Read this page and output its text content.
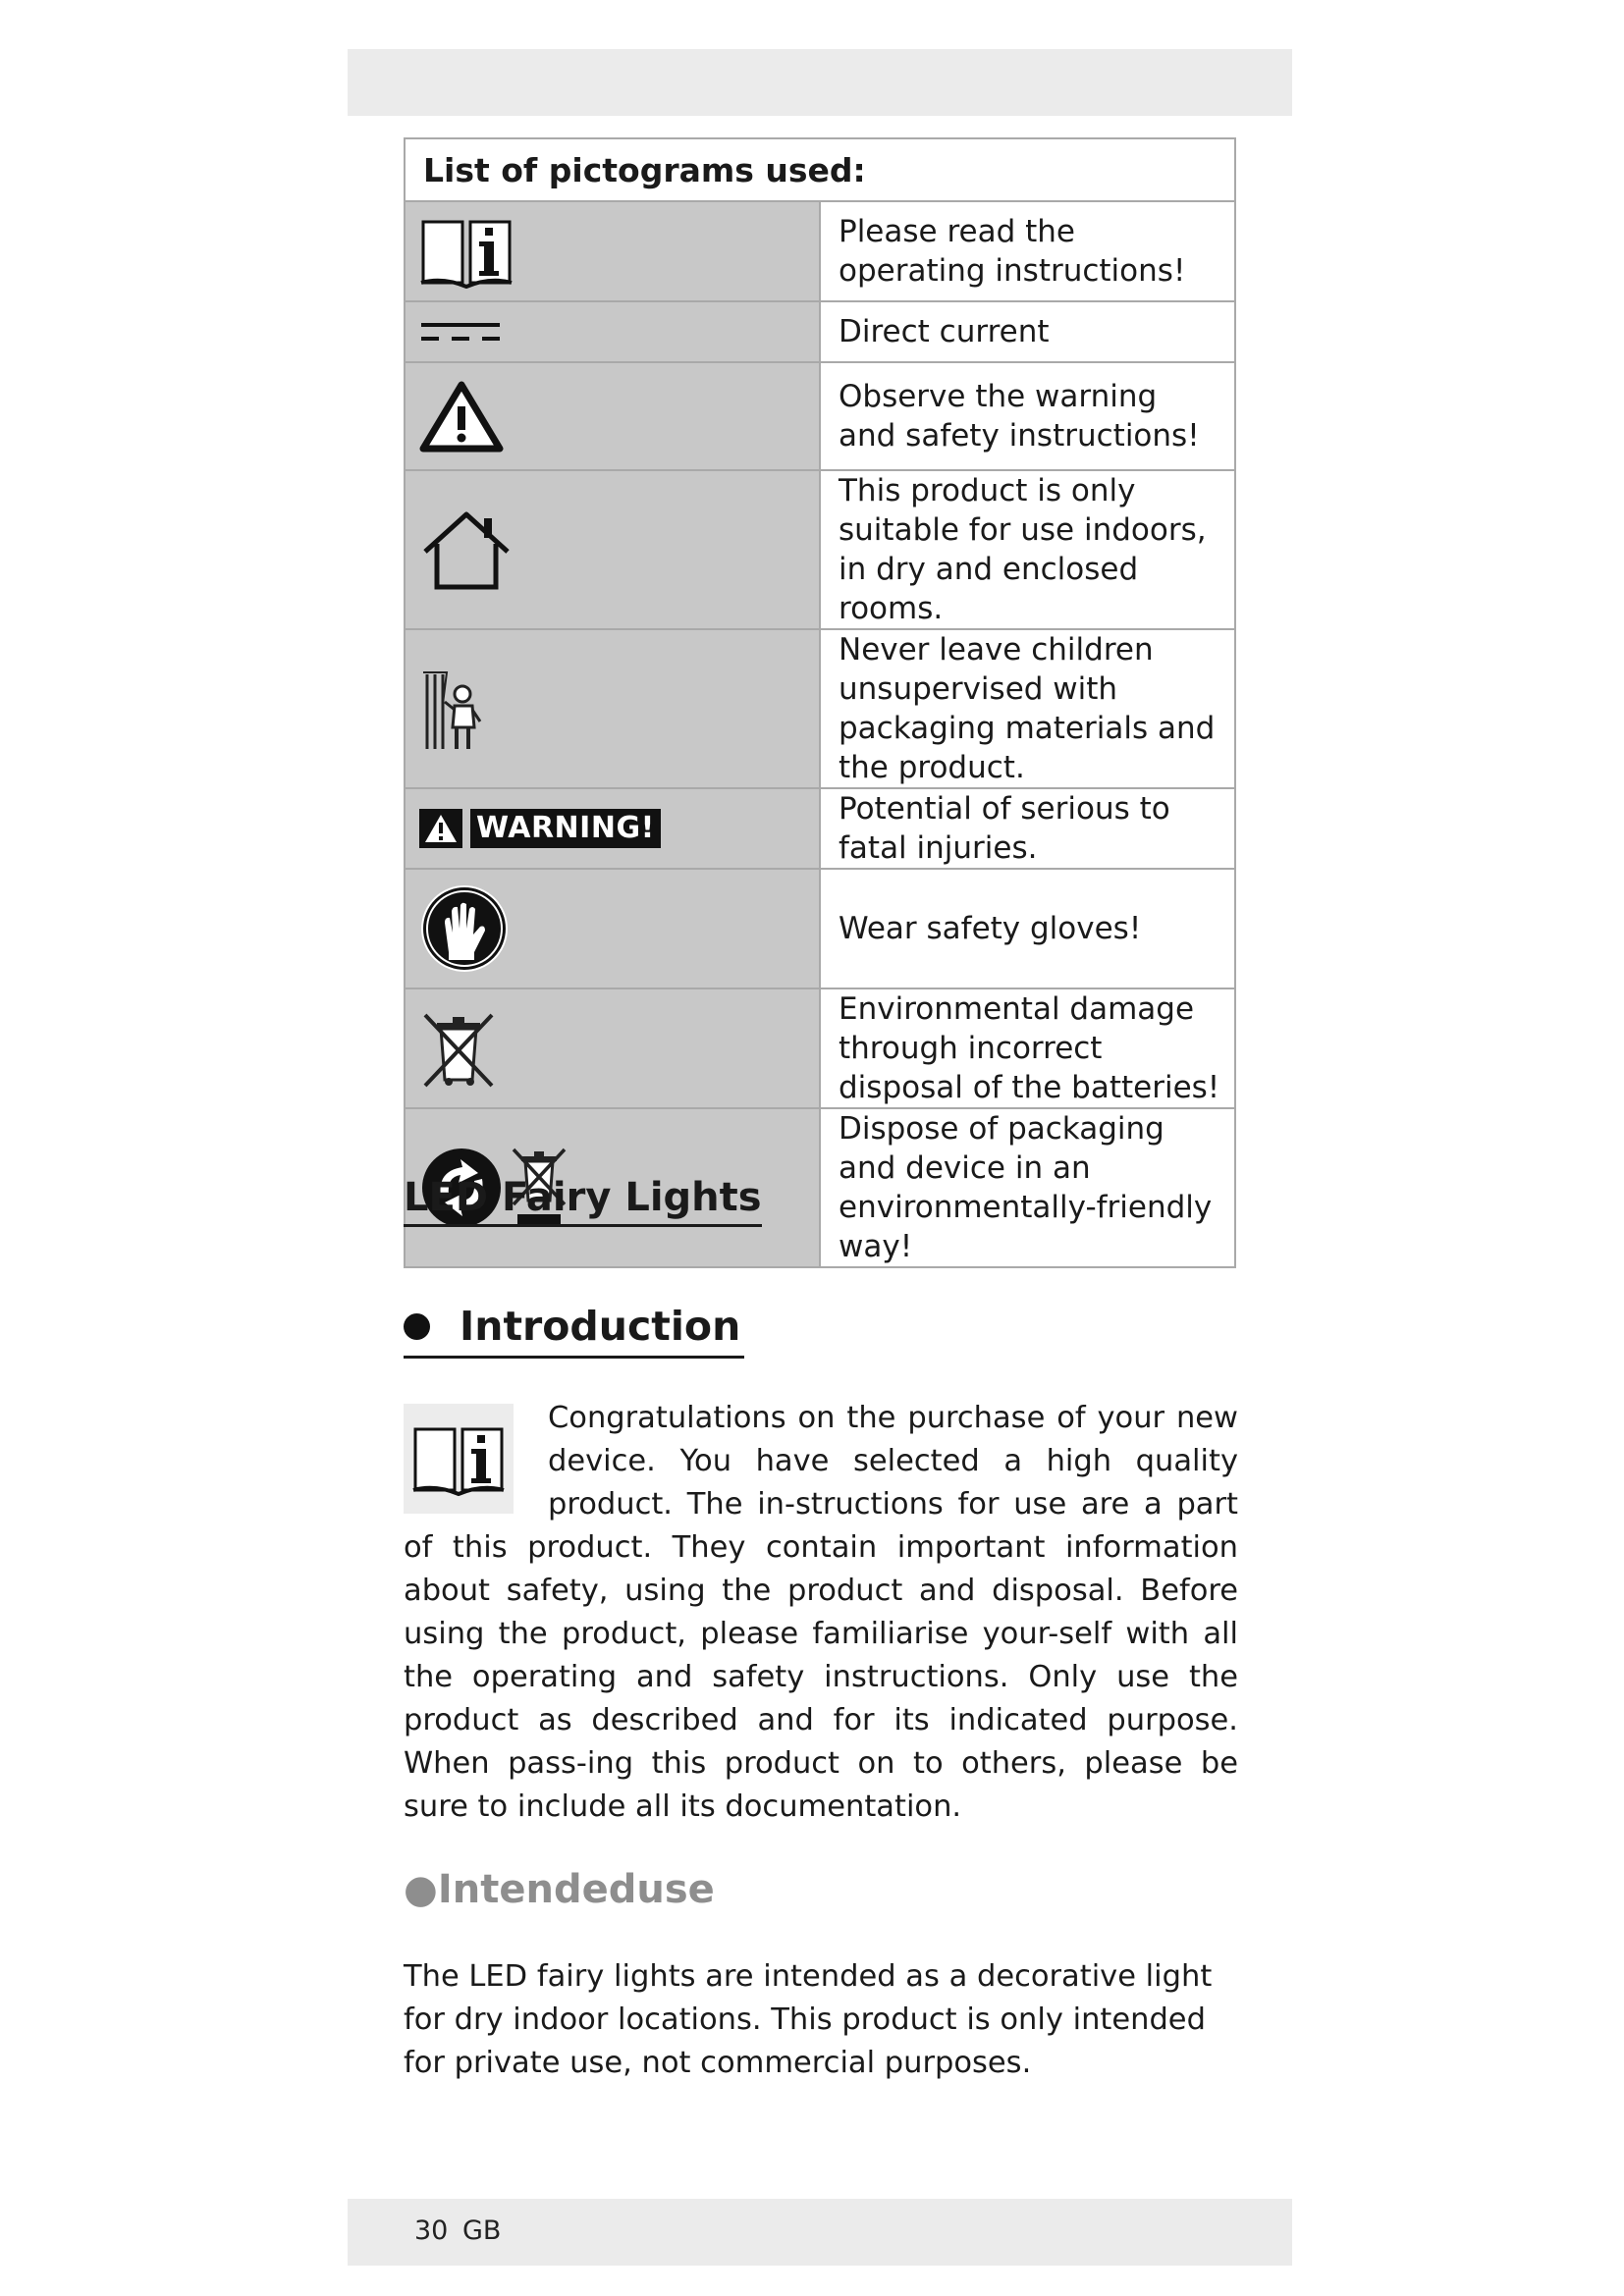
List of pictograms used:	

	Please read the operating instructions!

	Direct current

	Observe the warning and safety instructions!

	This product is only suitable for use indoors, in dry and enclosed rooms.

	Never leave children unsupervised with packaging materials and the product.

WARNING!	Potential of serious to fatal injuries.

	Wear safety gloves!

	Environmental damage through incorrect disposal of the batteries!

	Dispose of packaging and device in an environmentally-friendly way!
LED Fairy Lights
Introduction
Congratulations on the purchase of your new device. You have selected a high quality product. The in-structions for use are a part of this product. They contain important information about safety, using the product and disposal. Before using the product, please familiarise your-self with all the operating and safety instructions. Only use the product as described and for its indicated purpose. When pass-ing this product on to others, please be sure to include all its documentation.
●Intendeduse
The LED fairy lights are intended as a decorative light for dry indoor locations. This product is only intended for private use, not commercial purposes.
30 GB
